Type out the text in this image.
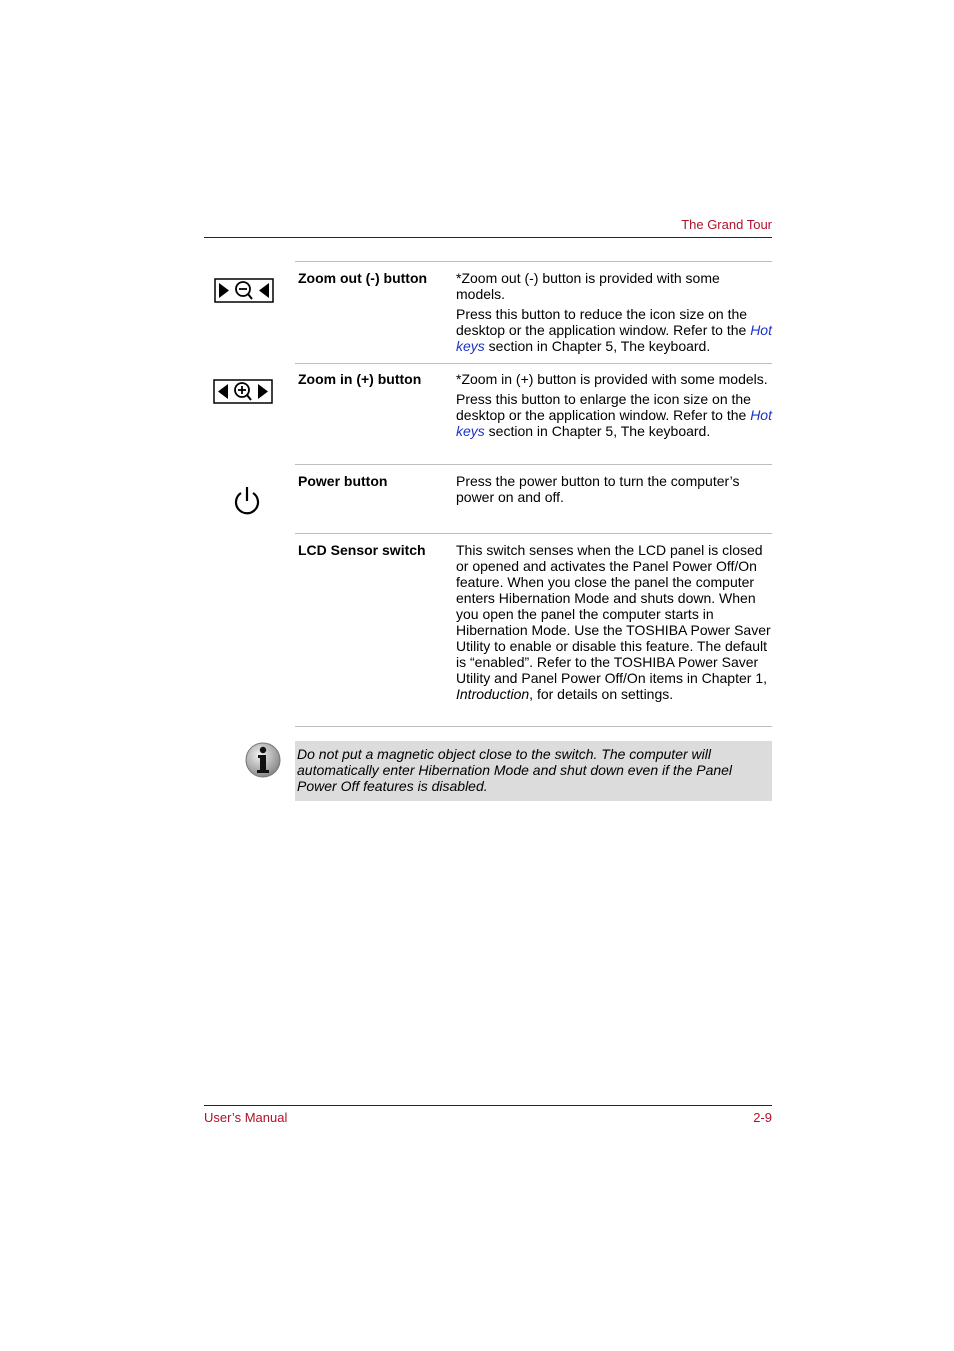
The Grand Tour
Zoom out (-) button	*Zoom out (-) button is provided with some models.

Press this button to reduce the icon size on the desktop or the application window. Refer to the Hot keys section in Chapter 5, The keyboard.

Zoom in (+) button	*Zoom in (+) button is provided with some models.

Press this button to enlarge the icon size on the desktop or the application window. Refer to the Hot keys section in Chapter 5, The keyboard.

Power button	Press the power button to turn the computer’s power on and off.

LCD Sensor switch	This switch senses when the LCD panel is closed or opened and activates the Panel Power Off/On feature. When you close the panel the computer enters Hibernation Mode and shuts down. When you open the panel the computer starts in Hibernation Mode. Use the TOSHIBA Power Saver Utility to enable or disable this feature. The default is “enabled”. Refer to the TOSHIBA Power Saver Utility and Panel Power Off/On items in Chapter 1, Introduction, for details on settings.

Do not put a magnetic object close to the switch. The computer will automatically enter Hibernation Mode and shut down even if the Panel Power Off features is disabled.
User’s Manual	2-9
